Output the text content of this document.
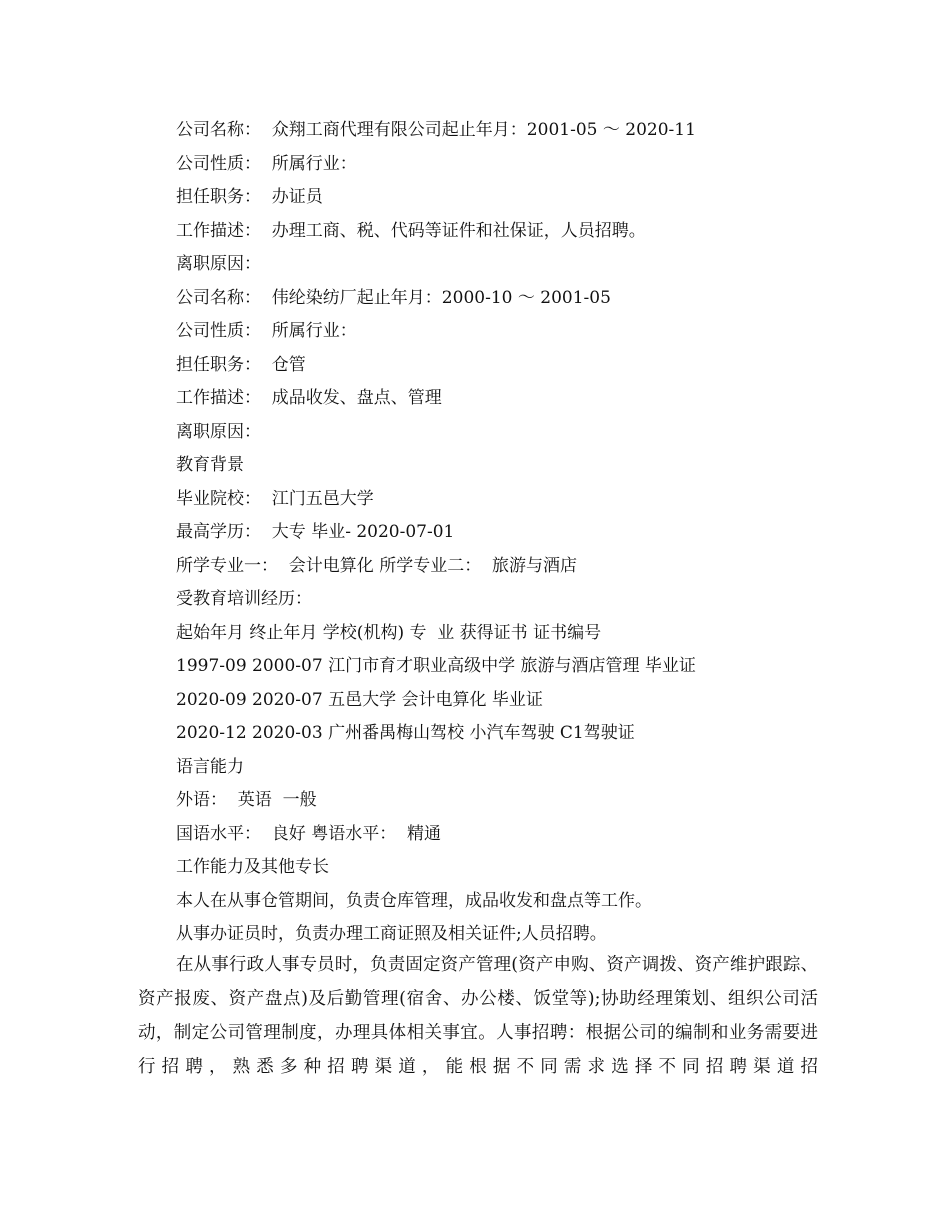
公司名称：  众翔工商代理有限公司起止年月：2001-05 ～ 2020-11
公司性质：  所属行业：
担任职务：  办证员
工作描述：  办理工商、税、代码等证件和社保证，人员招聘。
离职原因：
公司名称：  伟纶染纺厂起止年月：2000-10 ～ 2001-05
公司性质：  所属行业：
担任职务：  仓管
工作描述：  成品收发、盘点、管理
离职原因：
教育背景
毕业院校：  江门五邑大学
最高学历：  大专 毕业- 2020-07-01
所学专业一：  会计电算化 所学专业二：  旅游与酒店
受教育培训经历：
起始年月 终止年月 学校(机构) 专  业 获得证书 证书编号
1997-09 2000-07 江门市育才职业高级中学 旅游与酒店管理 毕业证
2020-09 2020-07 五邑大学 会计电算化 毕业证
2020-12 2020-03 广州番禺梅山驾校 小汽车驾驶 C1驾驶证
语言能力
外语：  英语  一般
国语水平：  良好 粤语水平：  精通
工作能力及其他专长
本人在从事仓管期间，负责仓库管理，成品收发和盘点等工作。
从事办证员时，负责办理工商证照及相关证件;人员招聘。
在从事行政人事专员时，负责固定资产管理(资产申购、资产调拨、资产维护跟踪、资产报废、资产盘点)及后勤管理(宿舍、办公楼、饭堂等);协助经理策划、组织公司活动，制定公司管理制度，办理具体相关事宜。人事招聘：根据公司的编制和业务需要进行招聘，熟悉多种招聘渠道，能根据不同需求选择不同招聘渠道招
